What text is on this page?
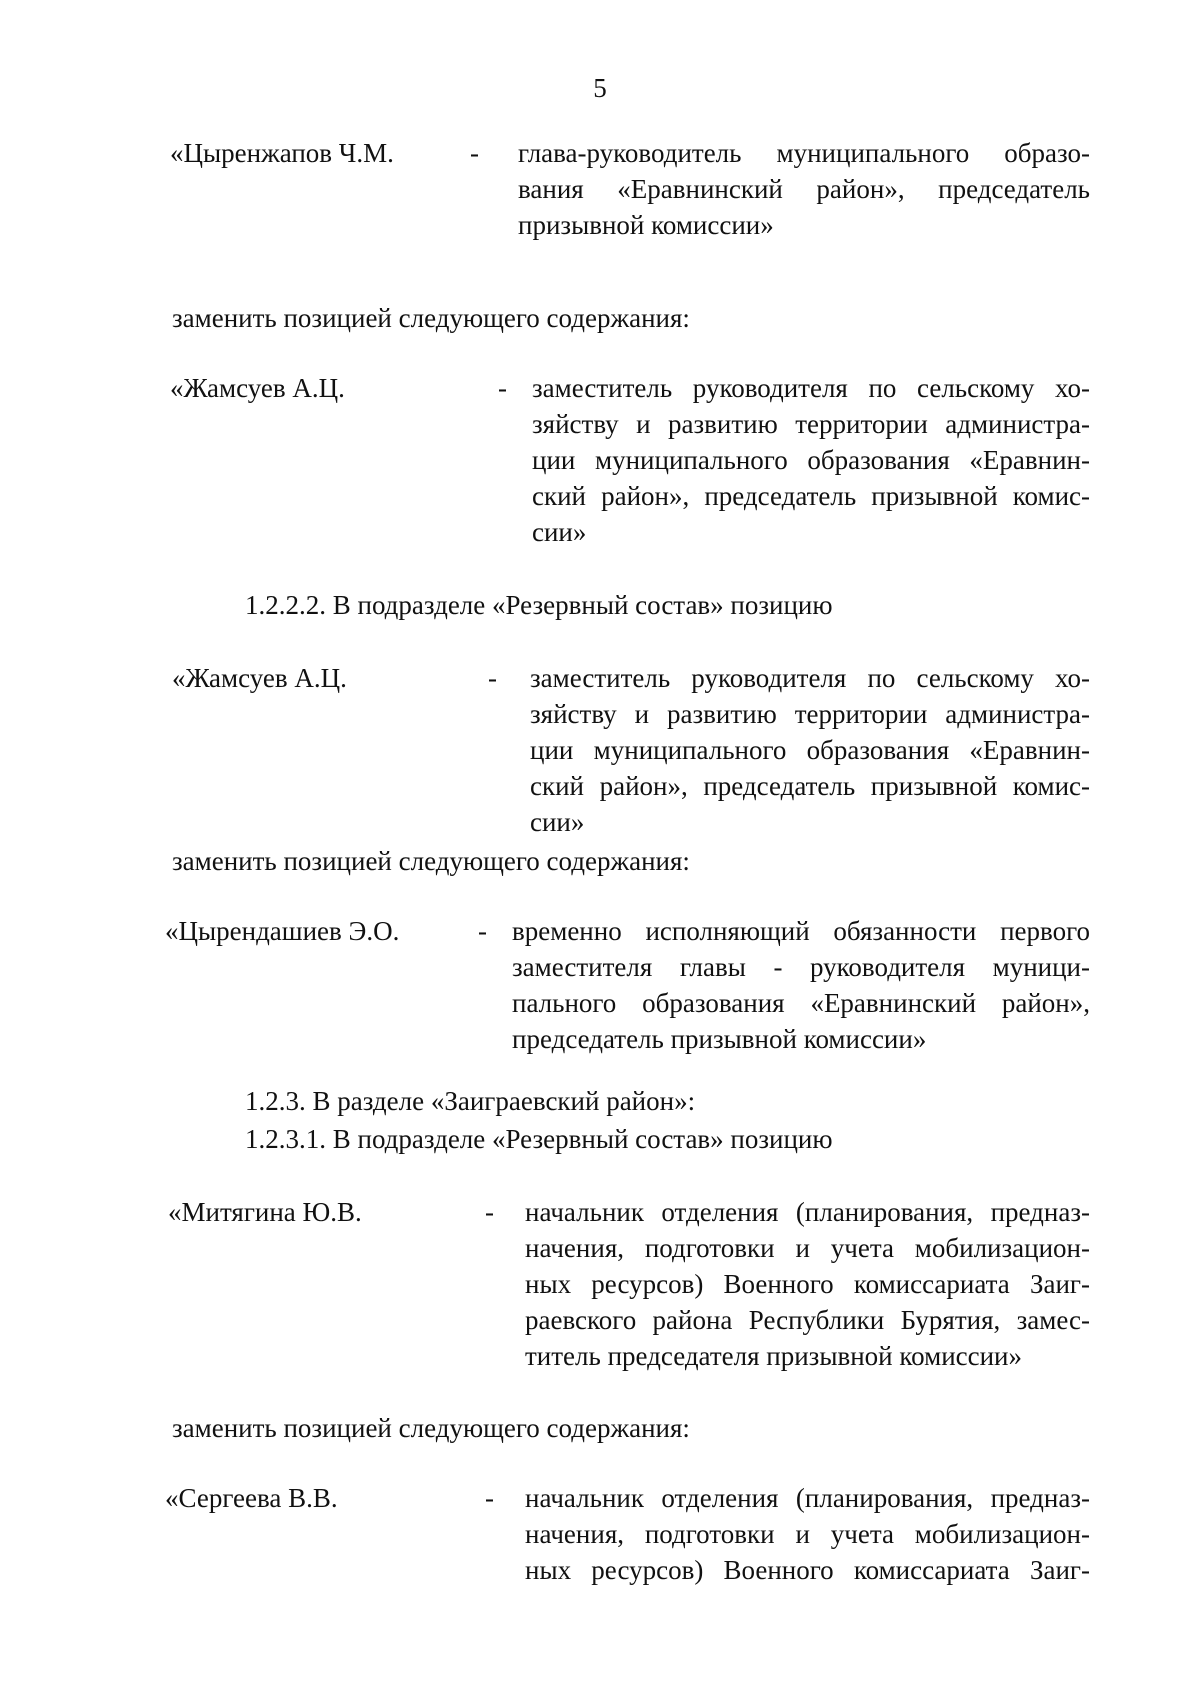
5
«Цыренжапов Ч.М.	- глава-руководитель муниципального образо-
вания «Еравнинский район», председатель
призывной комиссии»
заменить позицией следующего содержания:
«Жамсуев А.Ц.	- заместитель руководителя по сельскому хо-
зяйству и развитию территории администра-
ции муниципального образования «Еравнин-
ский район», председатель призывной комис-
сии»
1.2.2.2. В подразделе «Резервный состав» позицию
«Жамсуев А.Ц.	- заместитель руководителя по сельскому хо-
зяйству и развитию территории администра-
ции муниципального образования «Еравнин-
ский район», председатель призывной комис-
сии»
заменить позицией следующего содержания:
«Цырендашиев Э.О.	- временно исполняющий обязанности первого
заместителя главы - руководителя муници-
пального образования «Еравнинский район»,
председатель призывной комиссии»
1.2.3. В разделе «Заиграевский район»:
1.2.3.1. В подразделе «Резервный состав» позицию
«Митягина Ю.В.	- начальник отделения (планирования, предназ-
начения, подготовки и учета мобилизацион-
ных ресурсов) Военного комиссариата Заиг-
раевского района Республики Бурятия, замес-
титель председателя призывной комиссии»
заменить позицией следующего содержания:
«Сергеева В.В.	- начальник отделения (планирования, предназ-
начения, подготовки и учета мобилизацион-
ных ресурсов) Военного комиссариата Заиг-
